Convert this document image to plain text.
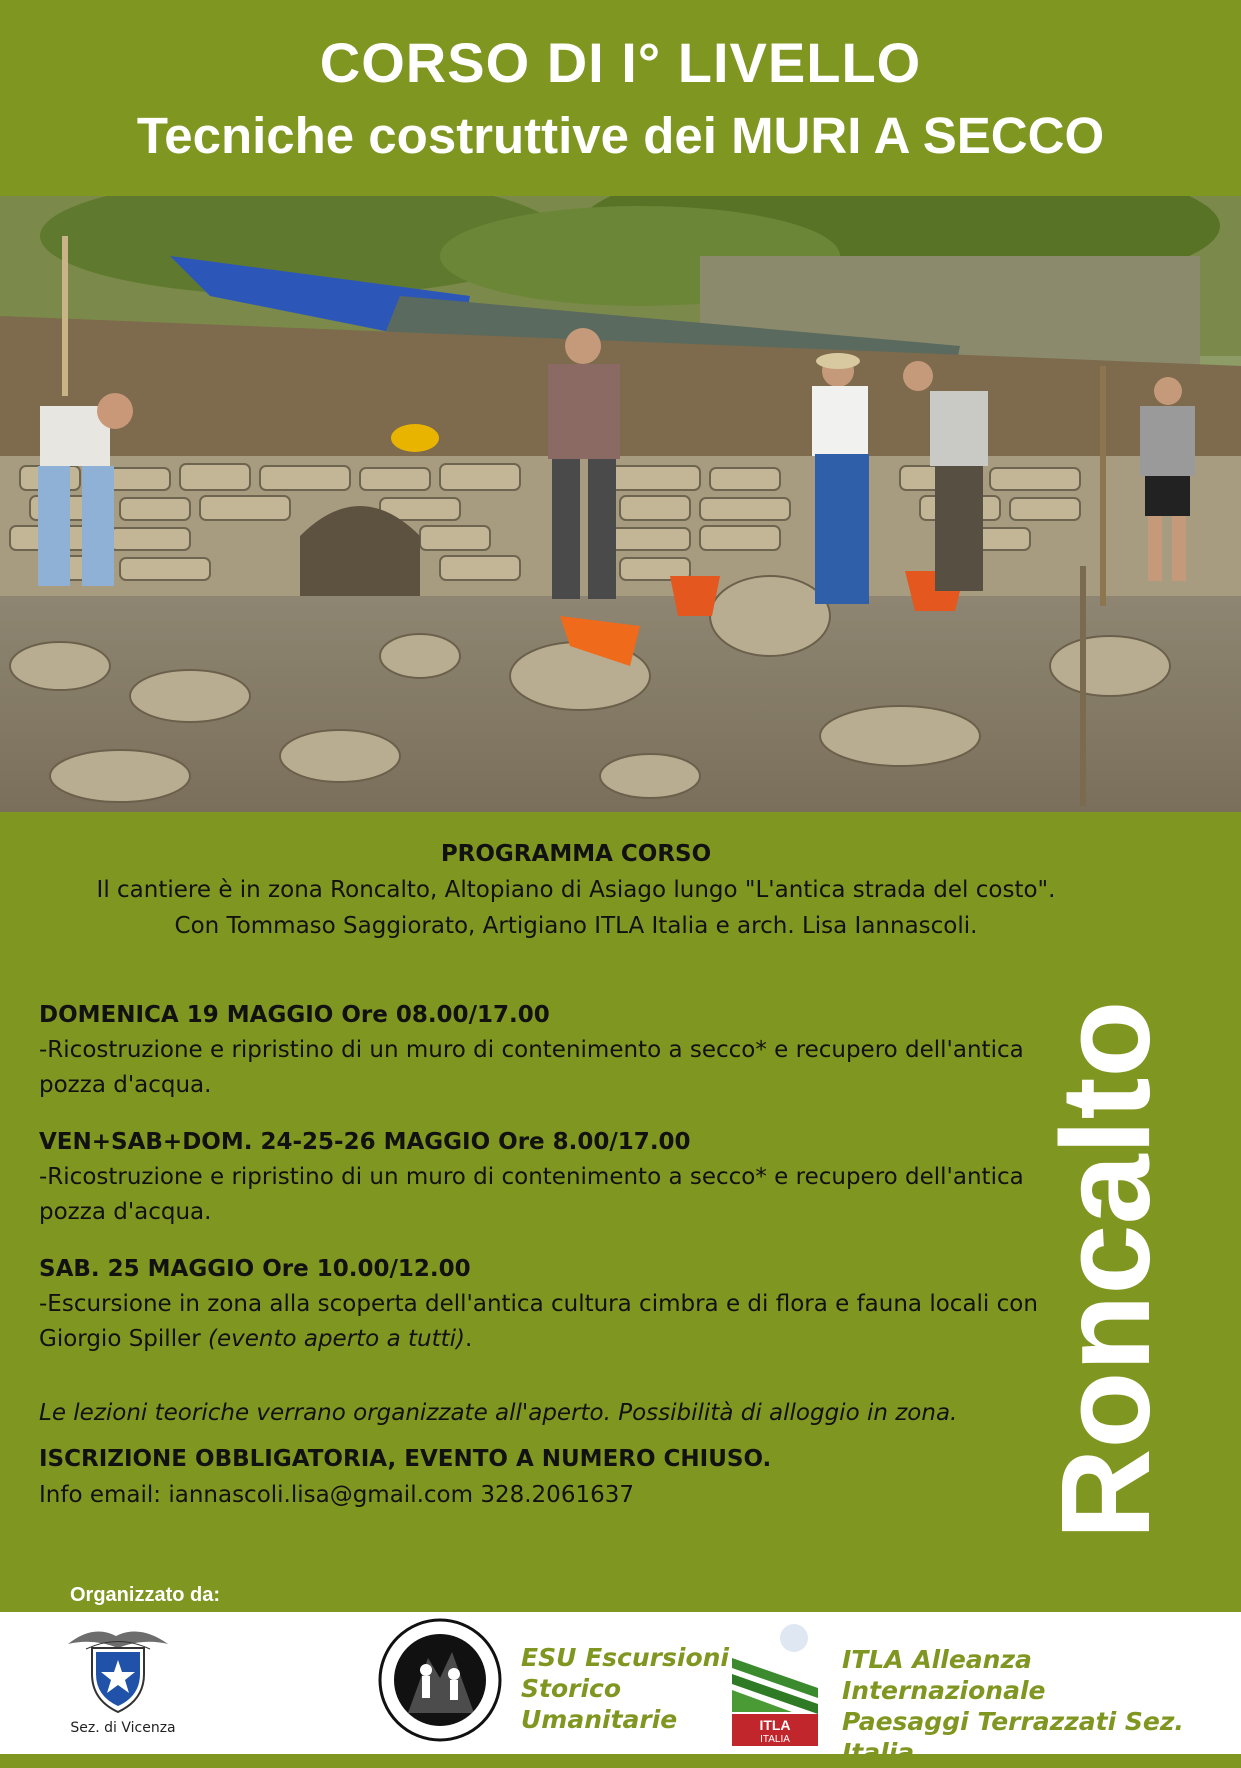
CORSO DI I° LIVELLO
Tecniche costruttive dei MURI A SECCO
PROGRAMMA CORSO
Il cantiere è in zona Roncalto, Altopiano di Asiago lungo "L'antica strada del costo".
Con Tommaso Saggiorato, Artigiano ITLA Italia e arch. Lisa Iannascoli.
DOMENICA 19 MAGGIO Ore 08.00/17.00
-Ricostruzione e ripristino di un muro di contenimento a secco* e recupero dell'antica pozza d'acqua.
VEN+SAB+DOM. 24-25-26 MAGGIO Ore 8.00/17.00
-Ricostruzione e ripristino di un muro di contenimento a secco* e recupero dell'antica pozza d'acqua.
SAB. 25 MAGGIO Ore 10.00/12.00
-Escursione in zona alla scoperta dell'antica cultura cimbra e di flora e fauna locali con Giorgio Spiller (evento aperto a tutti).
Le lezioni teoriche verrano organizzate all'aperto. Possibilità di alloggio in zona.
ISCRIZIONE OBBLIGATORIA, EVENTO A NUMERO CHIUSO.
Info email: iannascoli.lisa@gmail.com 328.2061637	Roncalto
Organizzato da:
Sez. di Vicenza
ESU Escursioni
Storico
Umanitarie	ITLA
ITALIA
ITLA Alleanza Internazionale
Paesaggi Terrazzati Sez. Italia
